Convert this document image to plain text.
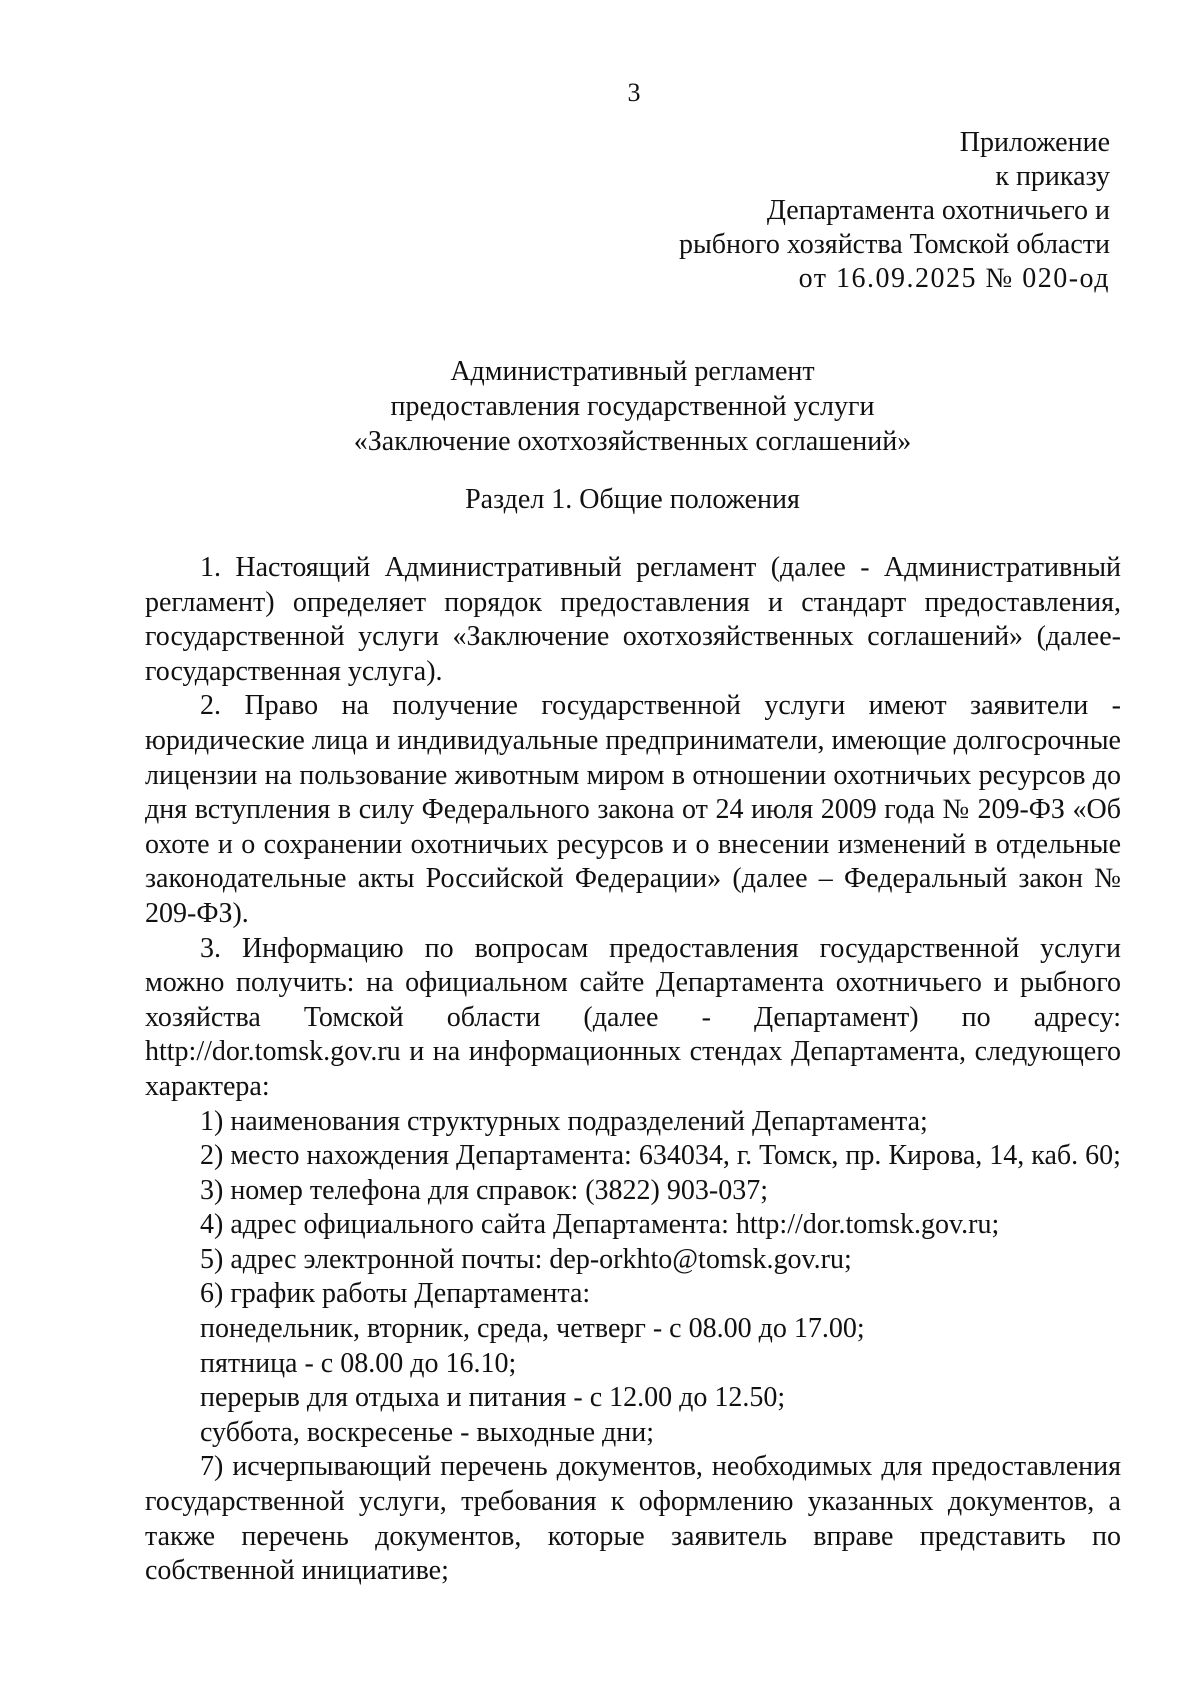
3
Приложение
к приказу
Департамента охотничьего и
рыбного хозяйства Томской области
от 16.09.2025 № 020-од
Административный регламент
предоставления государственной услуги
«Заключение охотхозяйственных соглашений»
Раздел 1. Общие положения

1. Настоящий Административный регламент (далее - Административный регламент) определяет порядок предоставления и стандарт предоставления, государственной услуги «Заключение охотхозяйственных соглашений» (далее- государственная услуга).

2. Право на получение государственной услуги имеют заявители - юридические лица и индивидуальные предприниматели, имеющие долгосрочные лицензии на пользование животным миром в отношении охотничьих ресурсов до дня вступления в силу Федерального закона от 24 июля 2009 года № 209-ФЗ «Об охоте и о сохранении охотничьих ресурсов и о внесении изменений в отдельные законодательные акты Российской Федерации» (далее – Федеральный закон № 209-ФЗ).

3. Информацию по вопросам предоставления государственной услуги можно получить: на официальном сайте Департамента охотничьего и рыбного хозяйства Томской области (далее - Департамент) по адресу: http://dor.tomsk.gov.ru и на информационных стендах Департамента, следующего характера:

1) наименования структурных подразделений Департамента;

2) место нахождения Департамента: 634034, г. Томск, пр. Кирова, 14, каб. 60;

3) номер телефона для справок: (3822) 903-037;

4) адрес официального сайта Департамента: http://dor.tomsk.gov.ru;

5) адрес электронной почты: dep-orkhto@tomsk.gov.ru;

6) график работы Департамента:

понедельник, вторник, среда, четверг - с 08.00 до 17.00;

пятница - с 08.00 до 16.10;

перерыв для отдыха и питания - с 12.00 до 12.50;

суббота, воскресенье - выходные дни;

7) исчерпывающий перечень документов, необходимых для предоставления государственной услуги, требования к оформлению указанных документов, а также перечень документов, которые заявитель вправе представить по собственной инициативе;
